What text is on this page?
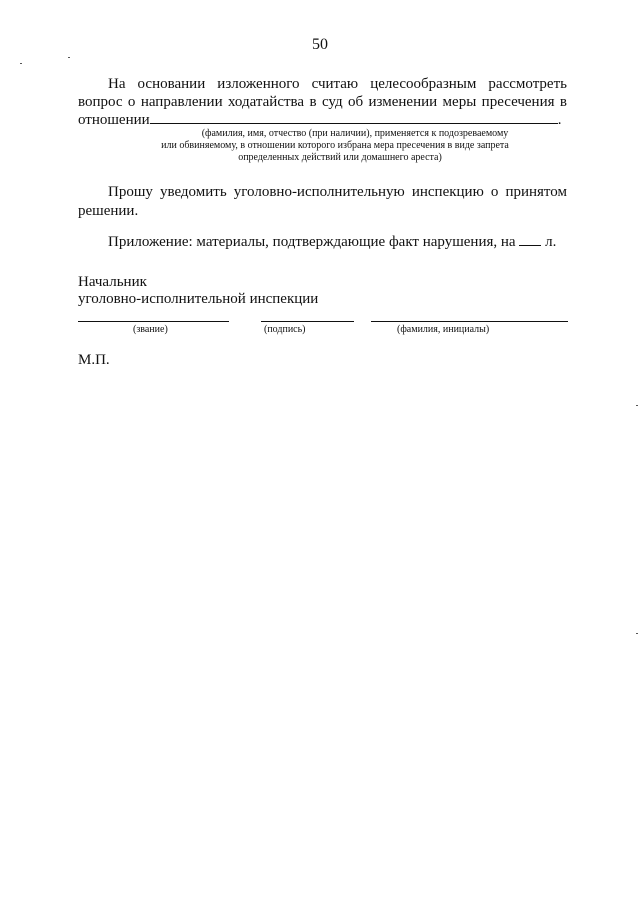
50
На основании изложенного считаю целесообразным рассмотреть
вопрос о направлении ходатайства в суд об изменении меры пресечения в
отношении	.
(фамилия, имя, отчество (при наличии), применяется к подозреваемому
или обвиняемому, в отношении которого избрана мера пресечения в виде запрета
определенных действий или домашнего ареста)
Прошу уведомить уголовно-исполнительную инспекцию о принятом
решении.
Приложение: материалы, подтверждающие факт нарушения, на л.
Начальник
уголовно-исполнительной инспекции
(звание)	(подпись)	(фамилия, инициалы)
М.П.
